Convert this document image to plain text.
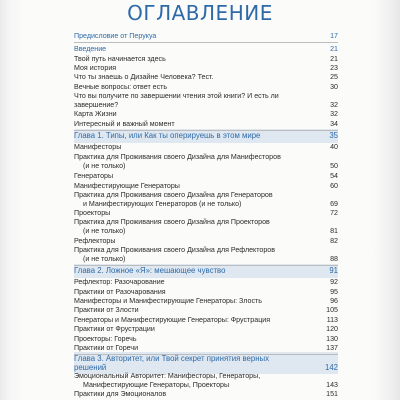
ОГЛАВЛЕНИЕ
Предисловие от Перукуа	17
Введение	21
Твой путь начинается здесь	21
Моя история	23
Что ты знаешь о Дизайне Человека? Тест.	25
Вечные вопросы: ответ есть	30
Что вы получите по завершении чтения этой книги? И есть ли
завершение?	32
Карта Жизни	32
Интересный и важный момент	34
Глава 1. Типы, или Как ты оперируешь в этом мире	35
Манифесторы	40
Практика для Проживания своего Дизайна для Манифесторов
(и не только)	50
Генераторы	54
Манифестирующие Генераторы	60
Практика для Проживания своего Дизайна для Генераторов
и Манифестирующих Генераторов (и не только)	69
Проекторы	72
Практика для Проживания своего Дизайна для Проекторов
(и не только)	81
Рефлекторы	82
Практика для Проживания своего Дизайна для Рефлекторов
(и не только)	88
Глава 2. Ложное «Я»: мешающее чувство	91
Рефлектор: Разочарование	92
Практики от Разочарования	95
Манифесторы и Манифестирующие Генераторы: Злость	96
Практики от Злости	105
Генераторы и Манифестирующие Генераторы: Фрустрация	113
Практики от Фрустрации	120
Проекторы: Горечь	130
Практики от Горечи	137
Глава 3. Авторитет, или Твой секрет принятия верных
решений	142
Эмоциональный Авторитет: Манифесторы, Генераторы,
Манифестирующие Генераторы, Проекторы	143
Практики для Эмоционалов	151
